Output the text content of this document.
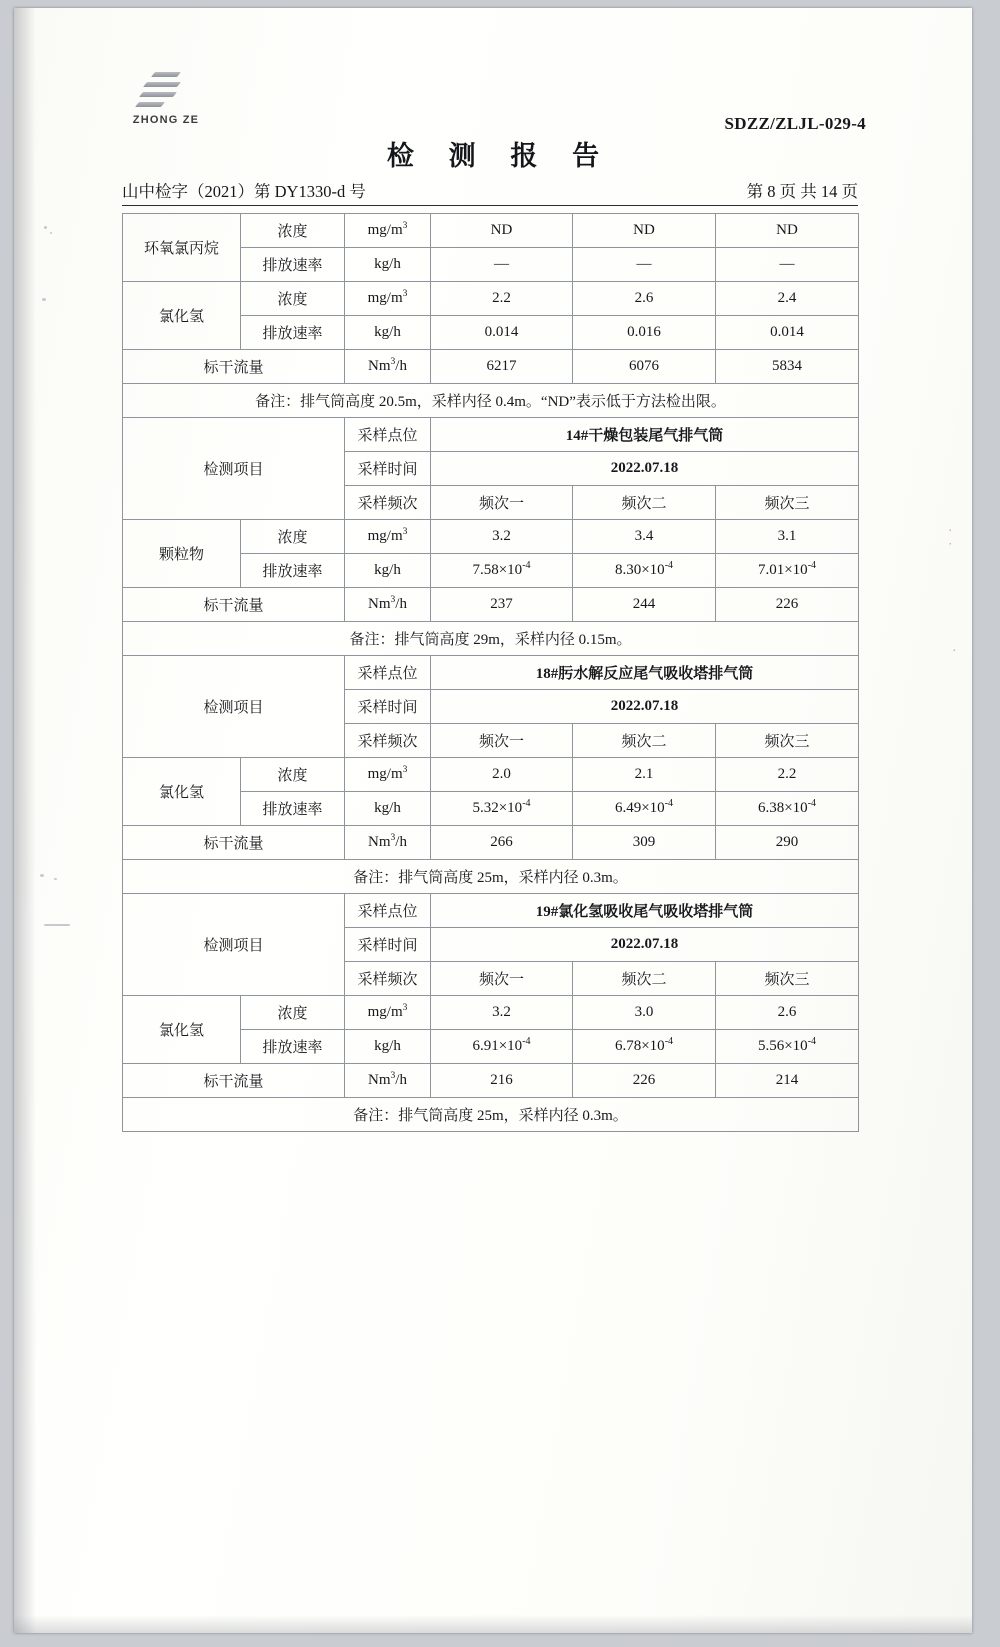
ZHONG ZE	SDZZ/ZLJL-029-4
检 测 报 告
山中检字（2021）第 DY1330-d 号	第 8 页 共 14 页
环氧氯丙烷	浓度	$mg/m^3$	ND	ND	ND
	排放速率	kg/h	—	—	—
氯化氢	浓度	$mg/m^3$	2.2	2.6	2.4
	排放速率	kg/h	0.014	0.016	0.014
标干流量		Nm$^3$/h	6217	6076	5834
备注：排气筒高度 20.5m，采样内径 0.4m。“ND”表示低于方法检出限。					
检测项目		采样点位	14#干燥包装尾气排气筒		
		采样时间	2022.07.18		
		采样频次	频次一	频次二	频次三
颗粒物	浓度	$mg/m^3$	3.2	3.4	3.1
	排放速率	kg/h	$7.58\times 10^{-4}$	$8.30\times 10^{-4}$	$7.01\times 10^{-4}$
标干流量		Nm$^3$/h	237	244	226
备注：排气筒高度 29m，采样内径 0.15m。					
检测项目		采样点位	18#肟水解反应尾气吸收塔排气筒		
		采样时间	2022.07.18		
		采样频次	频次一	频次二	频次三
氯化氢	浓度	$mg/m^3$	2.0	2.1	2.2
	排放速率	kg/h	$5.32\times 10^{-4}$	$6.49\times 10^{-4}$	$6.38\times 10^{-4}$
标干流量		Nm$^3$/h	266	309	290
备注：排气筒高度 25m，采样内径 0.3m。					
检测项目		采样点位	19#氯化氢吸收尾气吸收塔排气筒		
		采样时间	2022.07.18		
		采样频次	频次一	频次二	频次三
氯化氢	浓度	$mg/m^3$	3.2	3.0	2.6
	排放速率	kg/h	$6.91\times 10^{-4}$	$6.78\times 10^{-4}$	$5.56\times 10^{-4}$
标干流量		Nm$^3$/h	216	226	214
备注：排气筒高度 25m，采样内径 0.3m。					
· ·
·
